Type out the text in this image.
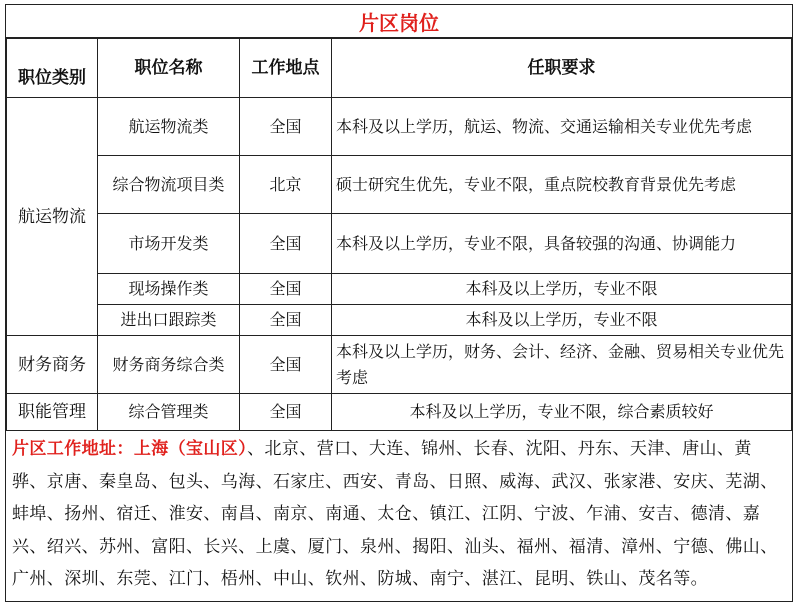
片区岗位
职位类别	职位名称	工作地点	任职要求
航运物流	航运物流类	全国	本科及以上学历，航运、物流、交通运输相关专业优先考虑
	综合物流项目类	北京	硕士研究生优先，专业不限，重点院校教育背景优先考虑
	市场开发类	全国	本科及以上学历，专业不限，具备较强的沟通、协调能力
	现场操作类	全国	本科及以上学历，专业不限
	进出口跟踪类	全国	本科及以上学历，专业不限
财务商务	财务商务综合类	全国	本科及以上学历，财务、会计、经济、金融、贸易相关专业优先考虑
职能管理	综合管理类	全国	本科及以上学历，专业不限，综合素质较好
片区工作地址：上海（宝山区）、北京、营口、大连、锦州、长春、沈阳、丹东、天津、唐山、黄骅、京唐、秦皇岛、包头、乌海、石家庄、西安、青岛、日照、威海、武汉、张家港、安庆、芜湖、蚌埠、扬州、宿迁、淮安、南昌、南京、南通、太仓、镇江、江阴、宁波、乍浦、安吉、德清、嘉兴、绍兴、苏州、富阳、长兴、上虞、厦门、泉州、揭阳、汕头、福州、福清、漳州、宁德、佛山、广州、深圳、东莞、江门、梧州、中山、钦州、防城、南宁、湛江、昆明、铁山、茂名等。
